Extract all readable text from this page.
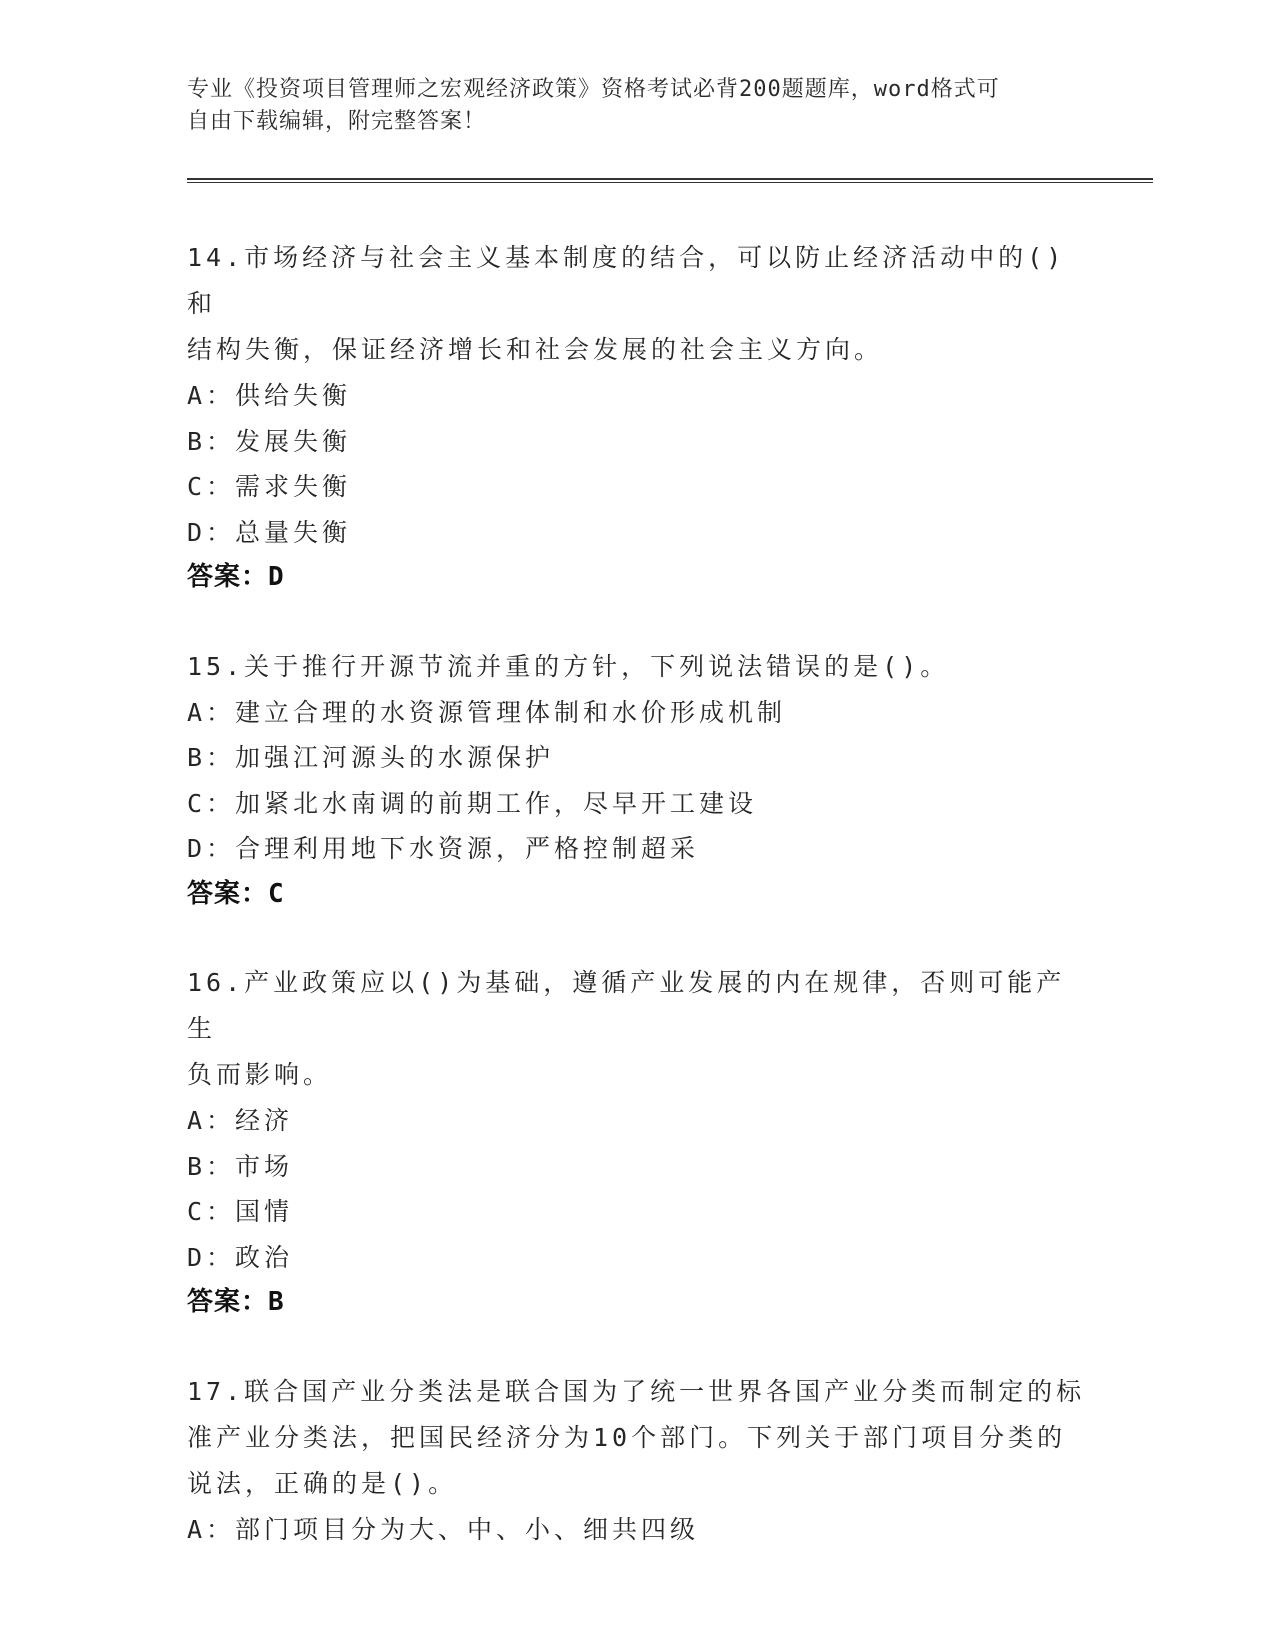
专业《投资项目管理师之宏观经济政策》资格考试必背200题题库，word格式可

自由下载编辑，附完整答案！

14.市场经济与社会主义基本制度的结合，可以防止经济活动中的()和

结构失衡，保证经济增长和社会发展的社会主义方向。

A：供给失衡

B：发展失衡

C：需求失衡

D：总量失衡

答案：D

15.关于推行开源节流并重的方针，下列说法错误的是()。

A：建立合理的水资源管理体制和水价形成机制

B：加强江河源头的水源保护

C：加紧北水南调的前期工作，尽早开工建设

D：合理利用地下水资源，严格控制超采

答案：C

16.产业政策应以()为基础，遵循产业发展的内在规律，否则可能产生

负而影响。

A：经济

B：市场

C：国情

D：政治

答案：B

17.联合国产业分类法是联合国为了统一世界各国产业分类而制定的标

准产业分类法，把国民经济分为10个部门。下列关于部门项目分类的

说法，正确的是()。

A：部门项目分为大、中、小、细共四级
